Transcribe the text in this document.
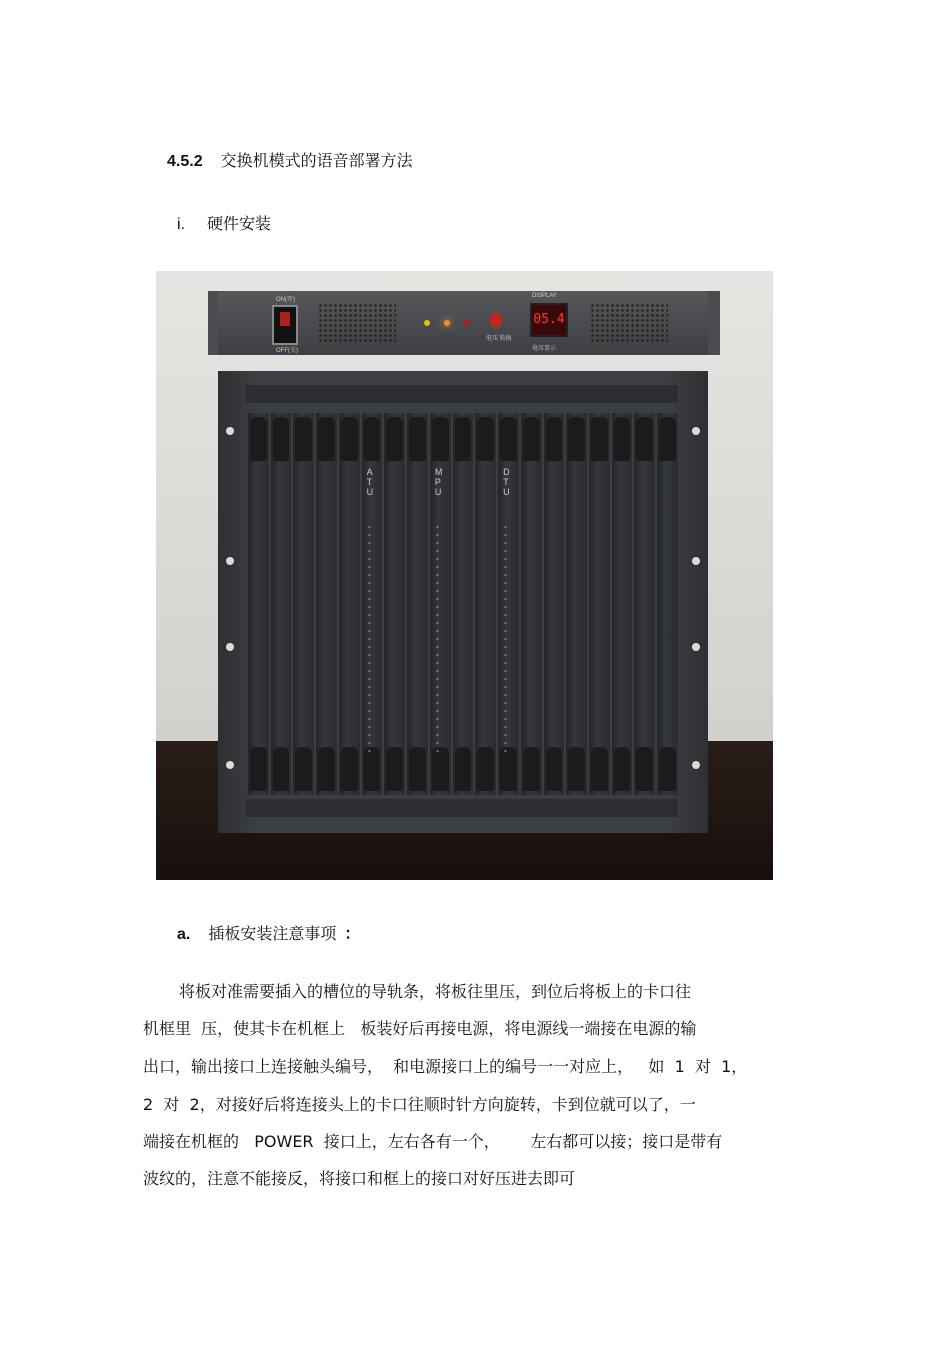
4.5.2 交换机模式的语音部署方法
i. 硬件安装
ON(开)
OFF(关)
电压 转换
DISPLAY
05.4
电压显示
ATU
MPU
DTU
a. 插板安装注意事项 ：
将板对准需要插入的槽位的导轨条，将板往里压，到位后将板上的卡口往
机框里  压，使其卡在机框上   板装好后再接电源，将电源线一端接在电源的输
出口，输出接口上连接触头编号，  和电源接口上的编号一一对应上，   如  1  对  1，
2  对  2，对接好后将连接头上的卡口往顺时针方向旋转，卡到位就可以了，一
端接在机框的   POWER  接口上，左右各有一个，      左右都可以接；接口是带有
波纹的，注意不能接反，将接口和框上的接口对好压进去即可
